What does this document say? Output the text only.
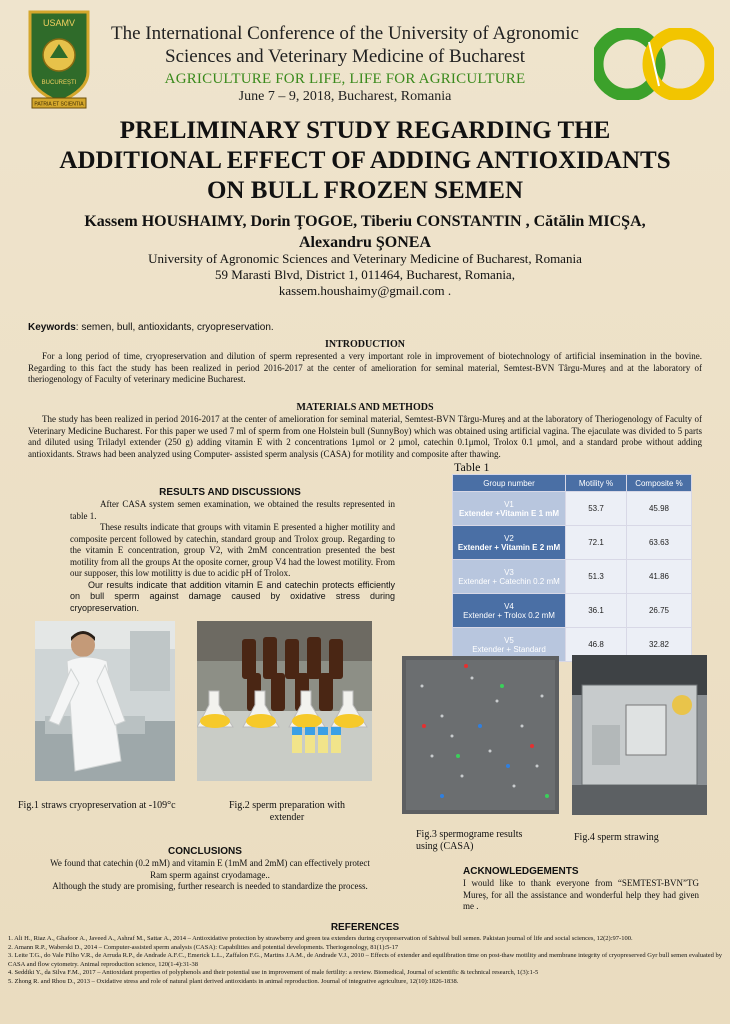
USAMV
BUCUREȘTI
PATRIA ET SCIENTIA
The International Conference of the University of Agronomic
Sciences and Veterinary Medicine of Bucharest
AGRICULTURE FOR LIFE, LIFE FOR AGRICULTURE
June 7 – 9, 2018, Bucharest, Romania
PRELIMINARY STUDY REGARDING THE
ADDITIONAL EFFECT OF ADDING ANTIOXIDANTS
ON BULL FROZEN SEMEN
Kassem HOUSHAIMY, Dorin ŢOGOE, Tiberiu CONSTANTIN , Cătălin MICŞA,
Alexandru ŞONEA
University of Agronomic Sciences and Veterinary Medicine of Bucharest, Romania
59 Marasti Blvd, District 1, 011464, Bucharest, Romania,
kassem.houshaimy@gmail.com .
Keywords: semen, bull, antioxidants, cryopreservation.
INTRODUCTION
For a long period of time, cryopreservation and dilution of sperm represented a very important role in improvement of biotechnology of artificial insemination in the bovine. Regarding to this fact the study has been realized in period 2016-2017 at the center of amelioration for seminal material, Semtest-BVN Târgu-Mureș and at the laboratory of theriogenology of Faculty of veterinary medicine Bucharest.
MATERIALS AND METHODS
The study has been realized in period 2016-2017 at the center of amelioration for seminal material, Semtest-BVN Târgu-Mureș and at the laboratory of Theriogenology of Faculty of Veterinary Medicine Bucharest. For this paper we used 7 ml of sperm from one Holstein bull (SunnyBoy) which was obtained using artificial vagina. The ejaculate was divided to 5 parts and diluted using Triladyl extender (250 g) adding vitamin E with 2 concentrations 1μmol or 2 μmol, catechin 0.1μmol, Trolox 0.1 μmol, and a standard probe without adding antioxidants. Straws had been analyzed using Computer- assisted sperm analysis (CASA) for motility and composite after thawing.
RESULTS AND DISCUSSIONS
After CASA system semen examination, we obtained the results represented in table 1.
These results indicate that groups with vitamin E presented a higher motility and composite percent followed by catechin, standard group and Trolox group. Regarding to the vitamin E concentration, group V2, with 2mM concentration presented the best motility from all the groups At the oposite corner, group V4 had the lowest motility. From our supposer, this low motilitty is due to acidic pH of Trolox.
Our results indicate that addition vitamin E and catechin protects efficiently on bull sperm against damage caused by oxidative stress during cryopreservation.
Table 1
Group number	Motility %	Composite %

V1
Extender +Vitamin E 1 mM	53.7	45.98

V2
Extender + Vitamin E 2 mM	72.1	63.63

V3
Extender + Catechin 0.2 mM	51.3	41.86

V4
Extender + Trolox 0.2 mM	36.1	26.75

V5
Extender + Standard	46.8	32.82
Fig.1 straws cryopreservation at -109°c	Fig.2 sperm preparation with
extender
Fig.3 spermograme results
using (CASA)
Fig.4 sperm strawing
CONCLUSIONS
We found that catechin (0.2 mM) and vitamin E (1mM and 2mM) can effectively protect
Ram sperm against cryodamage..
Although the study are promising, further research is needed to standardize the process.
ACKNOWLEDGEMENTS
I would like to thank everyone from “SEMTEST-BVN”TG Mureș, for all the assistance and wonderful help they had given me .
REFERENCES
1. Ali H., Riaz A., Ghafoor A., Javeed A., Ashraf M., Sattar A., 2014 – Antioxidative protection by strawberry and green tea extenders during cryopreservation of Sahiwal bull semen. Pakistan journal of life and social sciences, 12(2):97-100.
2. Amann R.P., Waberski D., 2014 – Computer-assisted sperm analysis (CASA): Capabilities and potential developments. Theriogenology, 81(1):5-17
3. Leite T.G., do Vale Filho V.R., de Arruda R.P., de Andrade A.F.C., Emerick L.L., Zaffalon F.G., Martins J.A.M., de Andrade V.J., 2010 – Effects of extender and equilibration time on post-thaw motility and membrane integrity of cryopreserved Gyr bull semen evaluated by CASA and flow cytometry. Animal reproduction science, 120(1-4):31-38
4. Seddiki Y., da Silva F.M., 2017 – Antioxidant properties of polyphenols and their potential use in improvement of male fertility: a review. Biomedical, Journal of scientific & technical research, 1(3):1-5
5. Zhong R. and Rhou D., 2013 – Oxidative stress and role of natural plant derived antioxidants in animal reproduction. Journal of integrative agriculture, 12(10):1826-1838.
